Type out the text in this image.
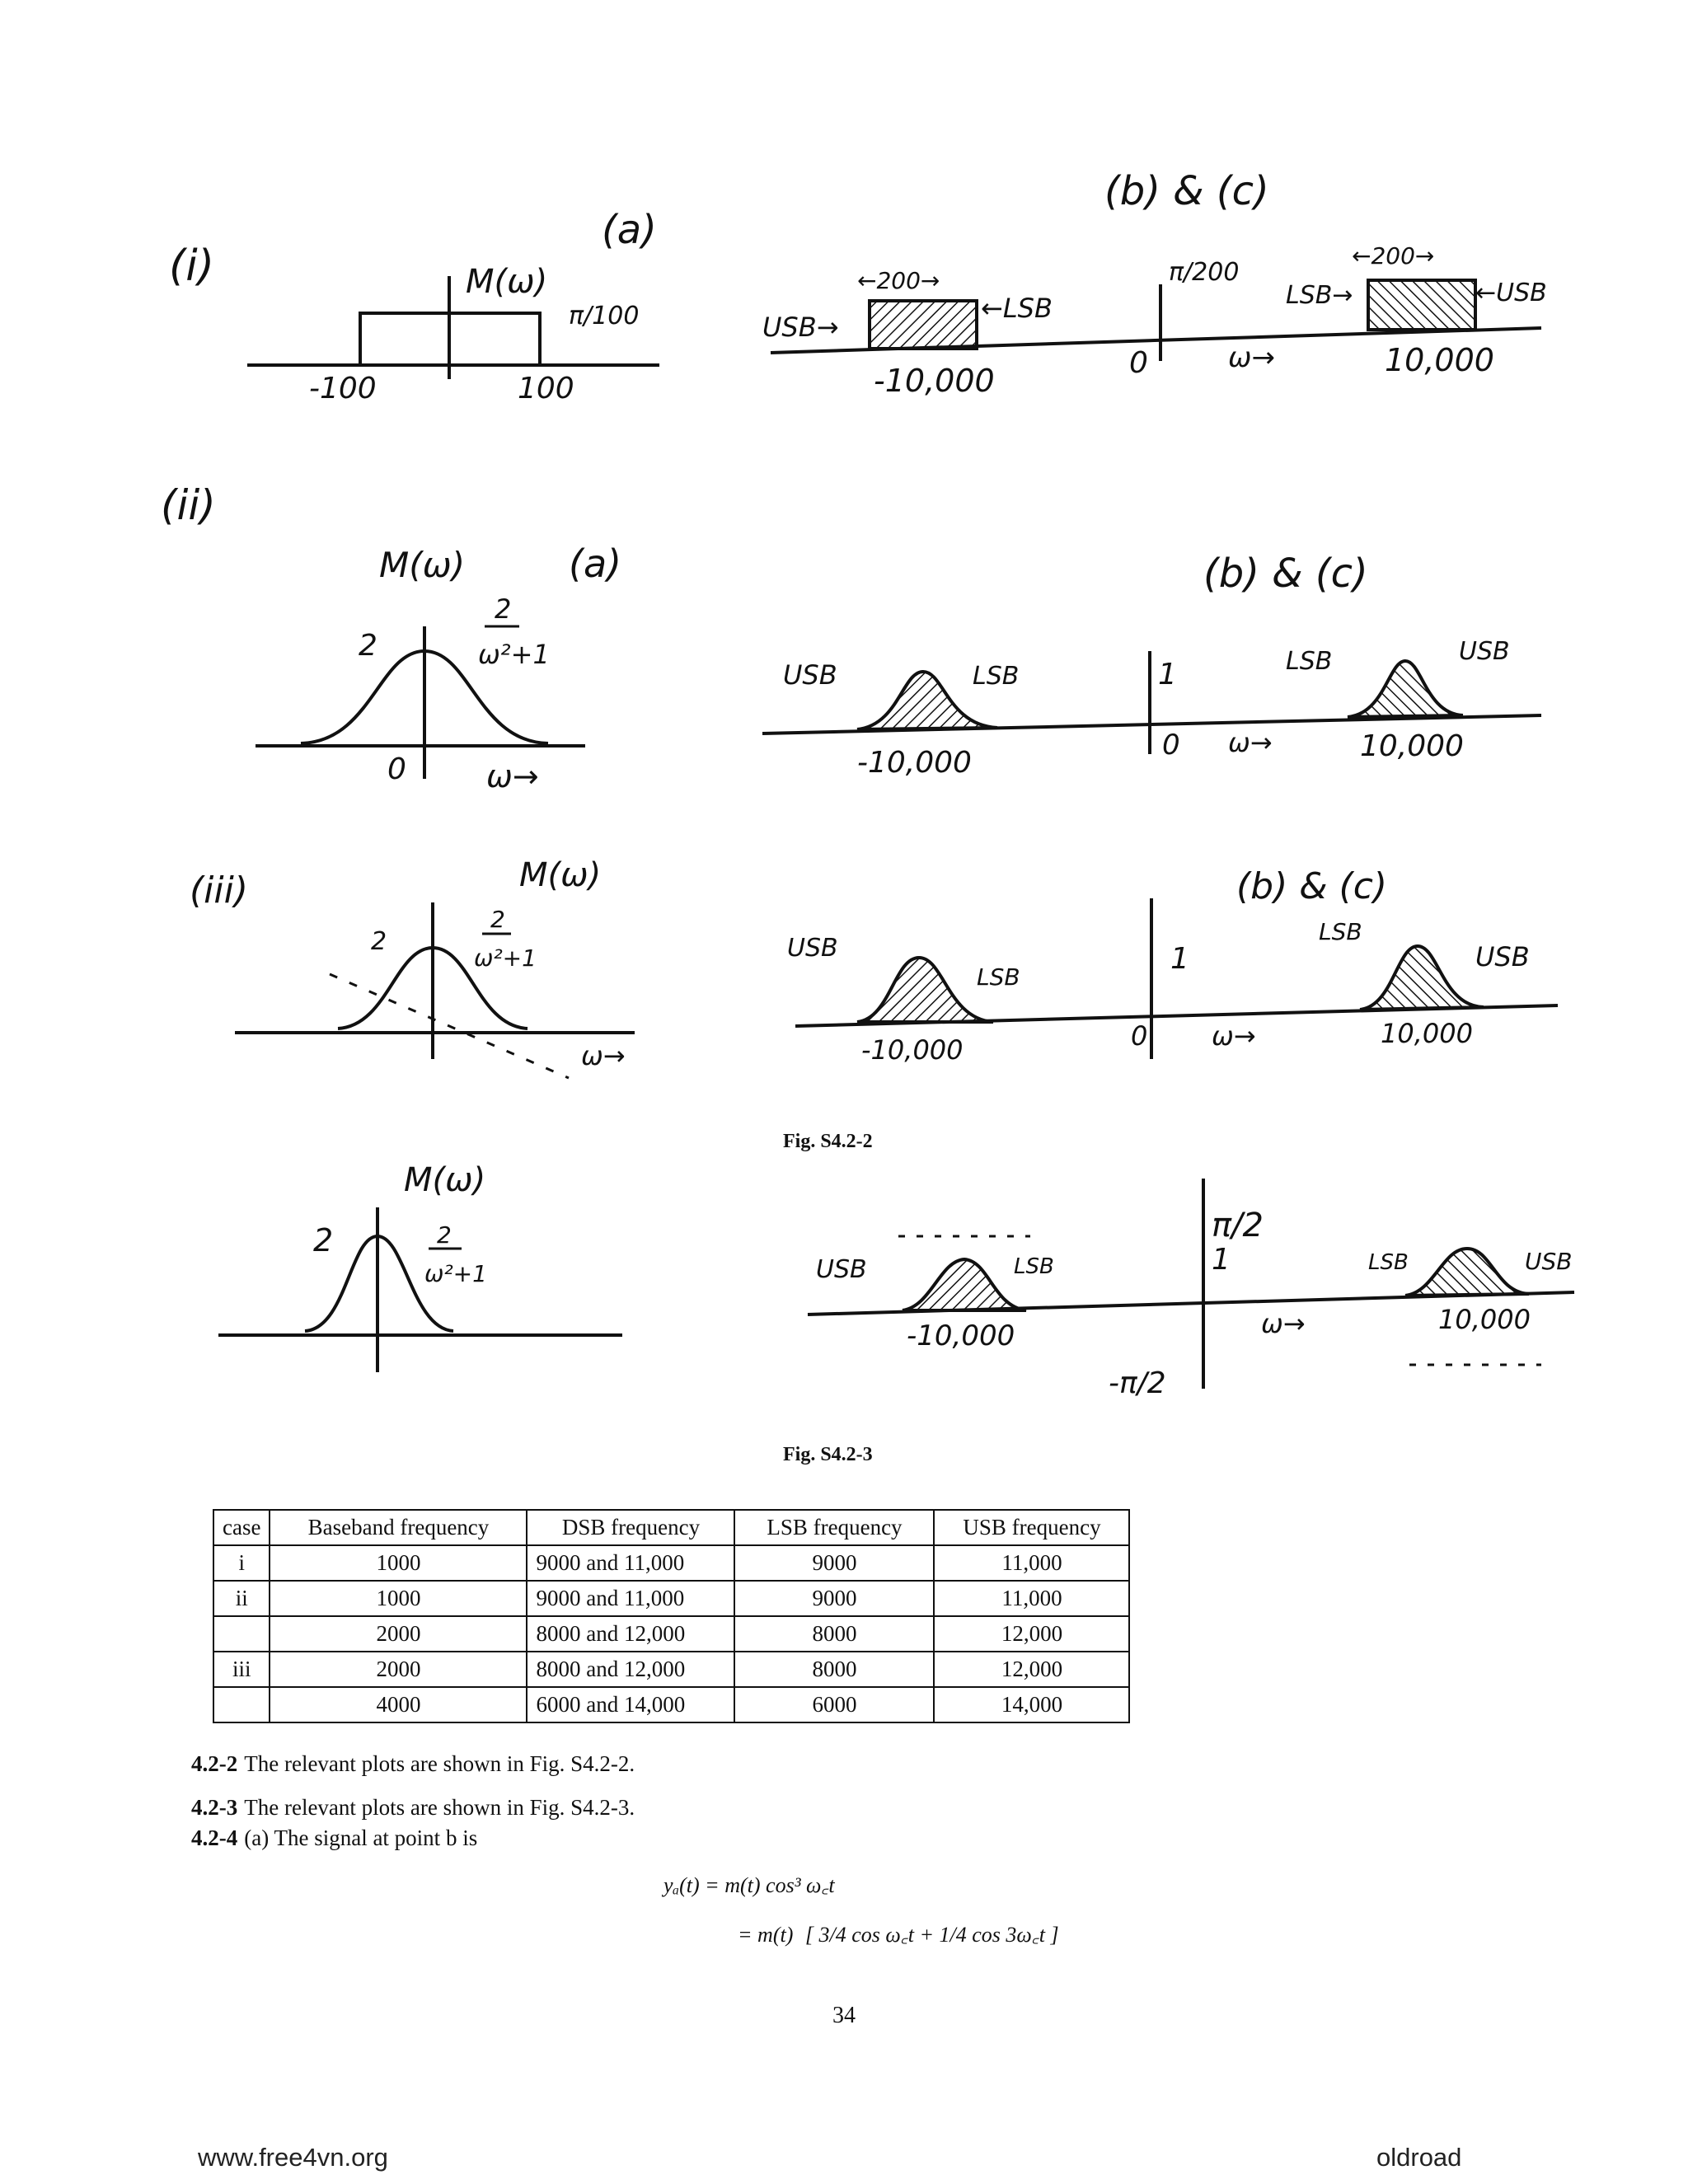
(i)
(a)
M(ω)
π/100
-100	100
(b) & (c)
π/200
←200→
←200→
USB→
←LSB	LSB→	←USB
0	ω→
-10,000
10,000
(ii)
M(ω)	(a)
2
2
ω²+1
0	ω→
(b) & (c)
1
USB	LSB
LSB	USB
0 ω→
-10,000	10,000
(iii)	M(ω)
2
2
ω²+1
ω→
(b) & (c)
1
USB
LSB
LSB
USB
0 ω→
-10,000
10,000
M(ω)
2	2
ω²+1
π/2
1
-π/2
USB	LSB	LSB	USB
ω→
-10,000	10,000
Fig. S4.2-2
Fig. S4.2-3
case	Baseband frequency	DSB frequency	LSB frequency	USB frequency
i	1000	9000 and 11,000	9000	11,000
ii	1000	9000 and 11,000	9000	11,000
	2000	8000 and 12,000	8000	12,000
iii	2000	8000 and 12,000	8000	12,000
	4000	6000 and 14,000	6000	14,000
4.2-2 The relevant plots are shown in Fig. S4.2-2.
4.2-3 The relevant plots are shown in Fig. S4.2-3.
4.2-4 (a) The signal at point b is
yₐ(t) = m(t) cos³ ω꜀t
= m(t) [ 3/4 cos ω꜀t + 1/4 cos 3ω꜀t ]
34
www.free4vn.org	oldroad
